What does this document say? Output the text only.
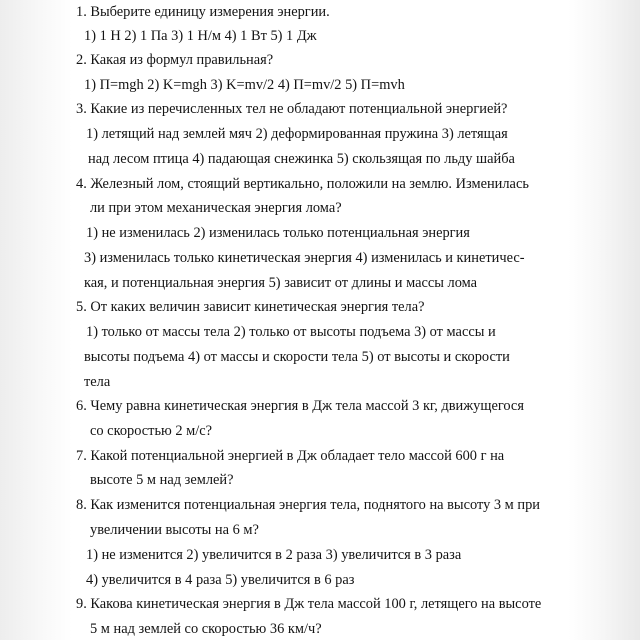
1. Выберите единицу измерения энергии.
1) 1 Н 2) 1 Па 3) 1 Н/м 4) 1 Вт 5) 1 Дж
2. Какая из формул правильная?
1) П=mgh 2) K=mgh 3) K=mv/2 4) П=mv/2 5) П=mvh
3. Какие из перечисленных тел не обладают потенциальной энергией?
1) летящий над землей мяч 2) деформированная пружина 3) летящая
над лесом птица 4) падающая снежинка 5) скользящая по льду шайба
4. Железный лом, стоящий вертикально, положили на землю. Изменилась
ли при этом механическая энергия лома?
1) не изменилась 2) изменилась только потенциальная энергия
3) изменилась только кинетическая энергия 4) изменилась и кинетичес-
кая, и потенциальная энергия 5) зависит от длины и массы лома
5. От каких величин зависит кинетическая энергия тела?
1) только от массы тела 2) только от высоты подъема 3) от массы и
высоты подъема 4) от массы и скорости тела 5) от высоты и скорости
тела
6. Чему равна кинетическая энергия в Дж тела массой 3 кг, движущегося
со скоростью 2 м/с?
7. Какой потенциальной энергией в Дж обладает тело массой 600 г на
высоте 5 м над землей?
8. Как изменится потенциальная энергия тела, поднятого на высоту 3 м при
увеличении высоты на 6 м?
1) не изменится 2) увеличится в 2 раза 3) увеличится в 3 раза
4) увеличится в 4 раза 5) увеличится в 6 раз
9. Какова кинетическая энергия в Дж тела массой 100 г, летящего на высоте
5 м над землей со скоростью 36 км/ч?
